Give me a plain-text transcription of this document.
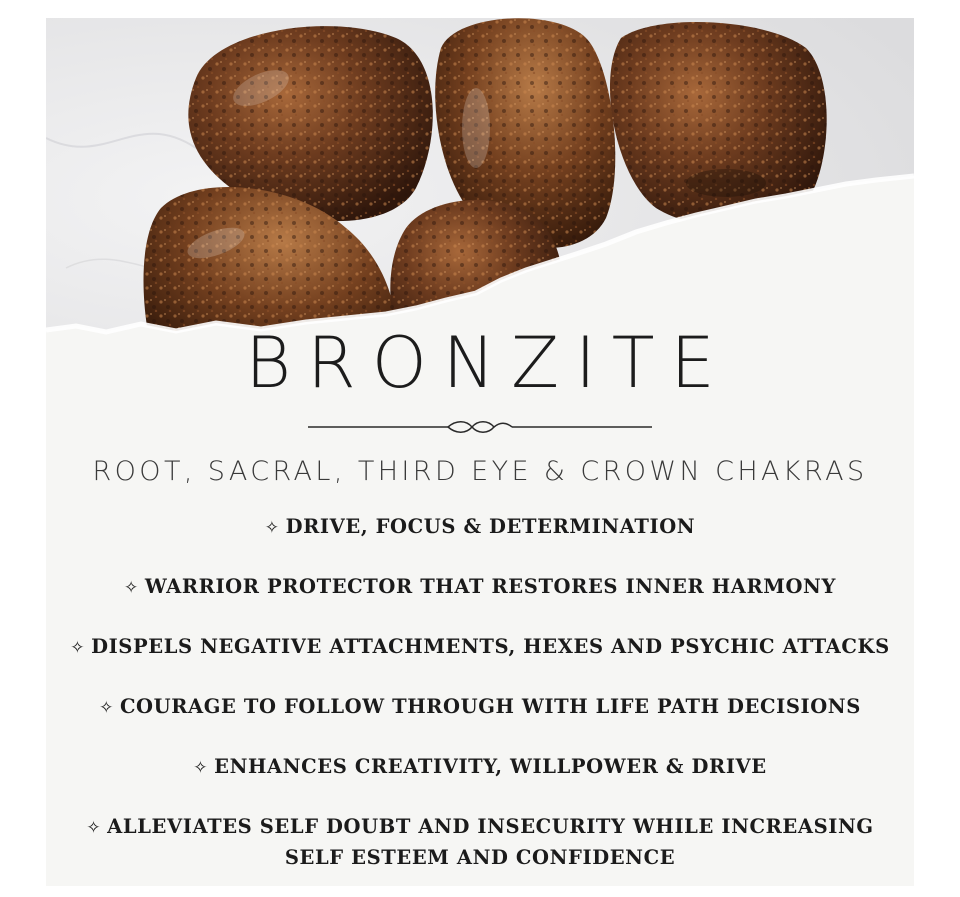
BRONZITE

ROOT, SACRAL, THIRD EYE & CROWN CHAKRAS

✧ DRIVE, FOCUS & DETERMINATION
✧ WARRIOR PROTECTOR THAT RESTORES INNER HARMONY
✧ DISPELS NEGATIVE ATTACHMENTS, HEXES AND PSYCHIC ATTACKS
✧ COURAGE TO FOLLOW THROUGH WITH LIFE PATH DECISIONS
✧ ENHANCES CREATIVITY, WILLPOWER & DRIVE
✧ ALLEVIATES SELF DOUBT AND INSECURITY WHILE INCREASING SELF ESTEEM AND CONFIDENCE
